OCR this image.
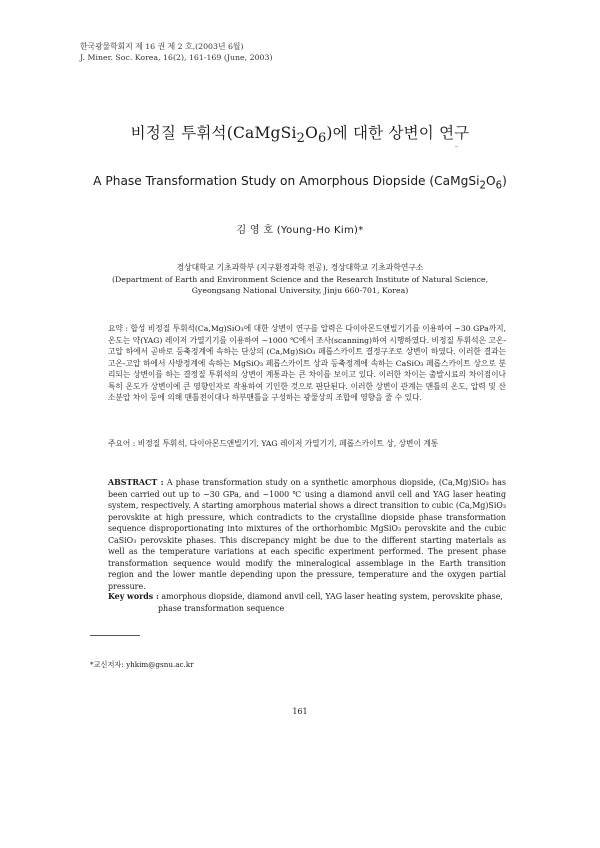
한국광물학회지 제 16 권 제 2 호,(2003년 6월)
J. Miner. Soc. Korea, 16(2), 161-169 (June, 2003)
비정질 투휘석$(CaMgSi_2O_6)$에 대한 상변이 연구
A Phase Transformation Study on Amorphous Diopside $(CaMgSi_2O_6)$
김 영 호 (Young-Ho Kim)*
경상대학교 기초과학부 (지구환경과학 전공), 경상대학교 기초과학연구소
(Department of Earth and Environment Science and the Research Institute of Natural Science,
Gyeongsang National University, Jinju 660-701, Korea)
요약 : 합성 비정질 투휘석(Ca,Mg)SiO₃에 대한 상변이 연구를 압력은 다이아몬드앤빌기기를 이용하여 ~30 GPa까지, 온도는 약(YAG) 레이저 가열기기를 이용하여 ~1000 ℃에서 조사(scanning)하여 시행하였다. 비정질 투휘석은 고온-고압 하에서 곧바로 등축정계에 속하는 단상의 (Ca,Mg)SiO₃ 페롭스카이트 결정구조로 상변이 하였다. 이러한 결과는 고온-고압 하에서 사방정계에 속하는 MgSiO₃ 페롭스카이트 상과 등축정계에 속하는 CaSiO₃ 페롭스카이트 상으로 분리되는 상변이를 하는 결정질 투휘석의 상변이 계통과는 큰 차이를 보이고 있다. 이러한 차이는 출발시료의 차이점이나 특히 온도가 상변이에 큰 영향인자로 작용하여 기인한 것으로 판단된다. 이러한 상변이 관계는 맨틀의 온도, 압력 및 산소분압 차이 등에 의해 맨틀전이대나 하부맨틀을 구성하는 광물상의 조합에 영향을 줄 수 있다.
주요어 : 비정질 투휘석, 다이아몬드앤빌기기, YAG 레이저 가열기기, 페롭스카이트 상, 상변이 계통
ABSTRACT : A phase transformation study on a synthetic amorphous diopside, (Ca,Mg)SiO₃ has been carried out up to ~30 GPa, and ~1000 ℃ using a diamond anvil cell and YAG laser heating system, respectively. A starting amorphous material shows a direct transition to cubic (Ca,Mg)SiO₃ perovskite at high pressure, which contradicts to the crystalline diopside phase transformation sequence disproportionating into mixtures of the orthorhombic MgSiO₃ perovskite and the cubic CaSiO₃ perovskite phases. This discrepancy might be due to the different starting materials as well as the temperature variations at each specific experiment performed. The present phase transformation sequence would modify the mineralogical assemblage in the Earth transition region and the lower mantle depending upon the pressure, temperature and the oxygen partial pressure.
Key words : amorphous diopside, diamond anvil cell, YAG laser heating system, perovskite phase,
phase transformation sequence
*교신저자: yhkim@gsnu.ac.kr
161
